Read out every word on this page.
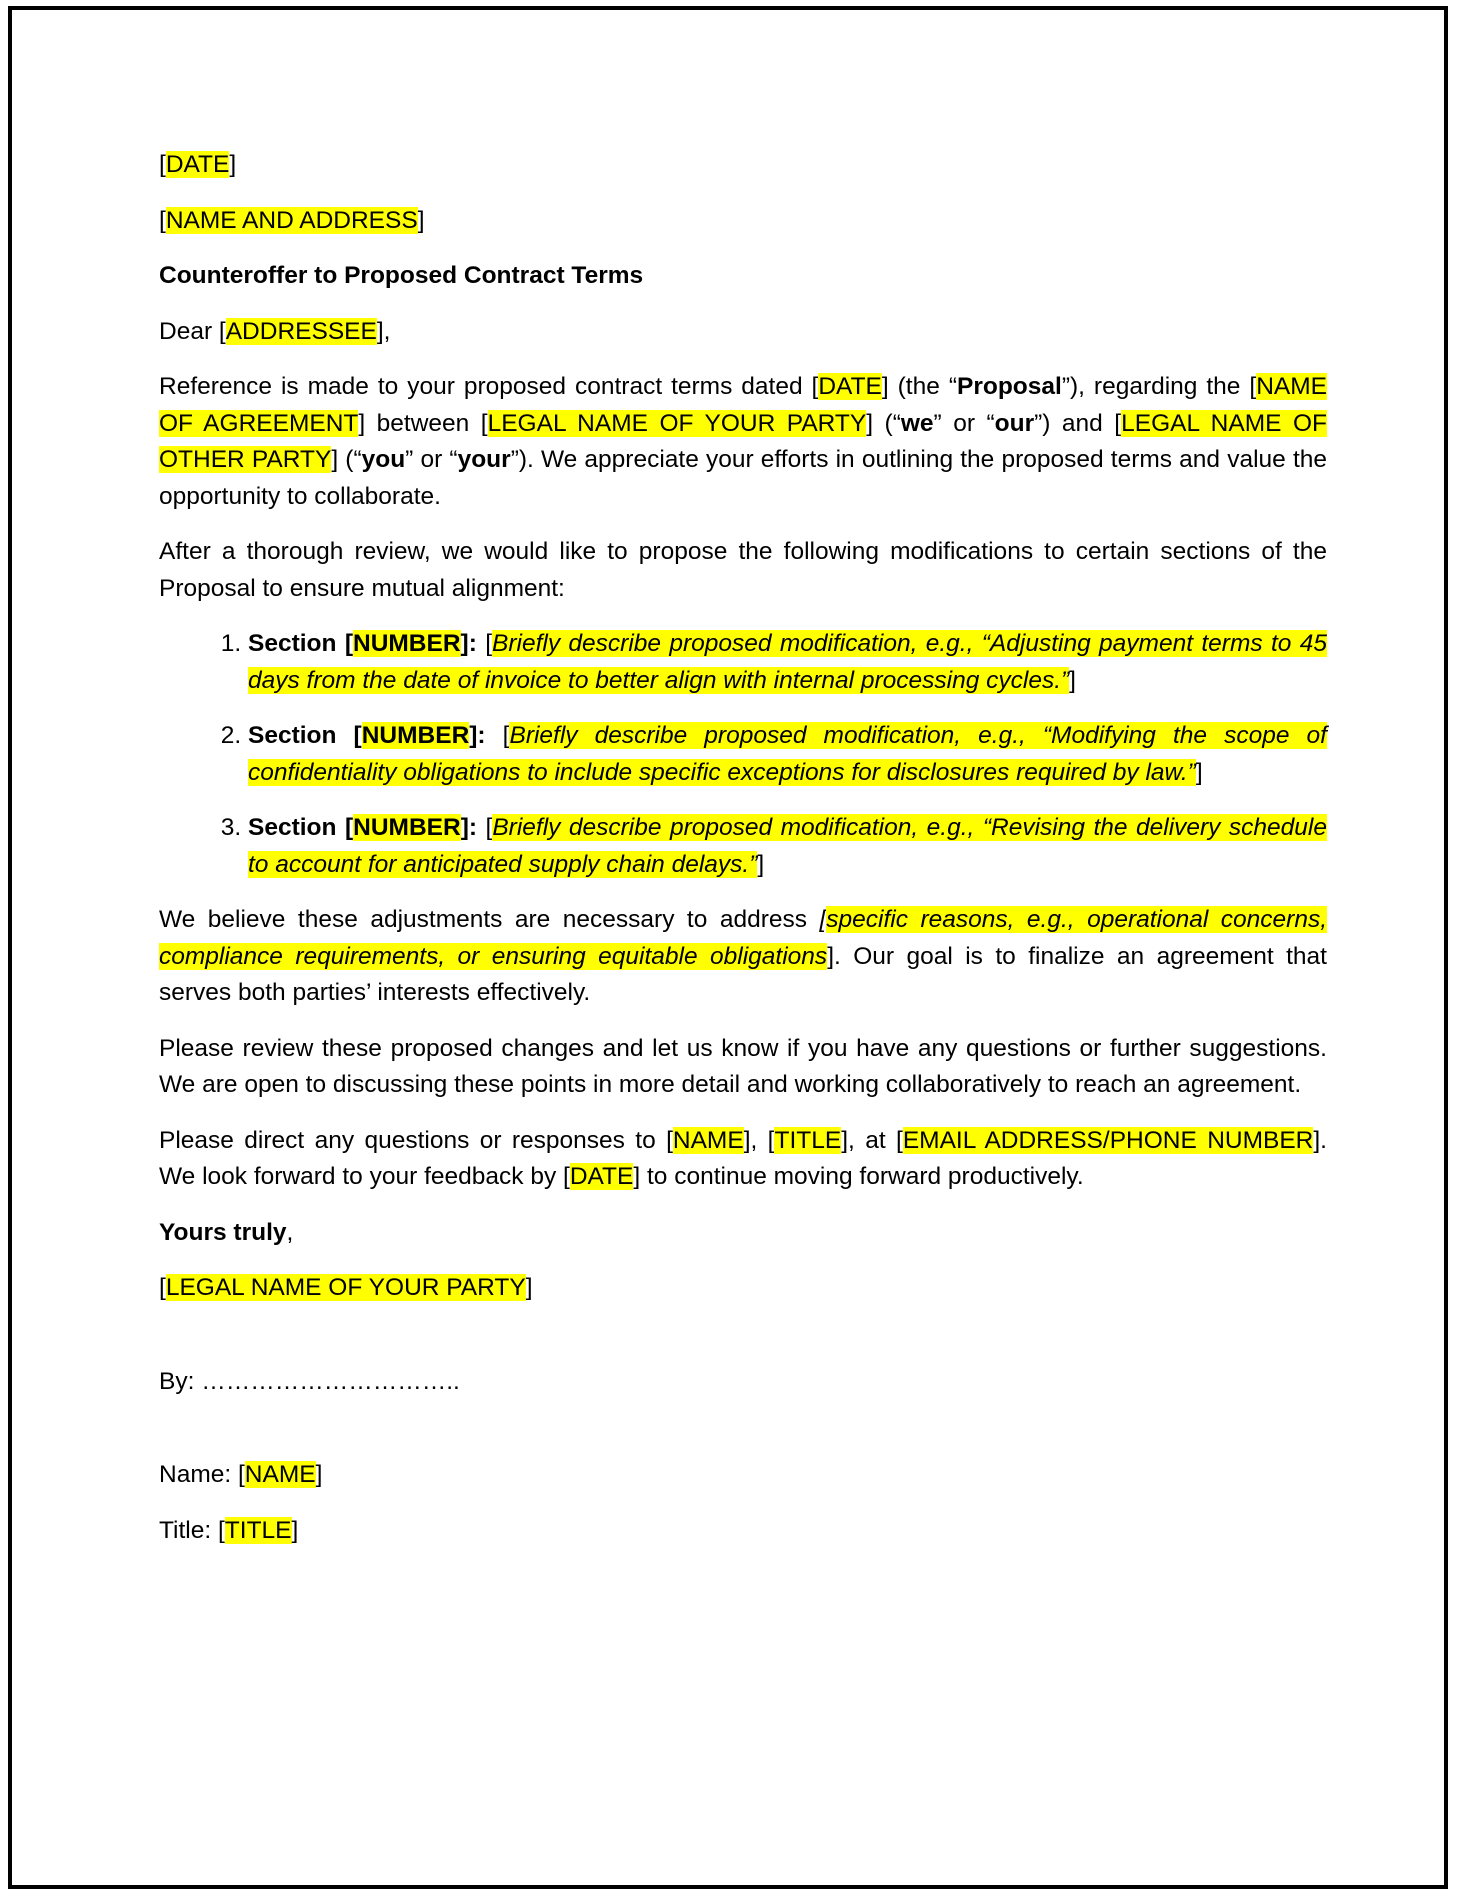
[DATE]

[NAME AND ADDRESS]

Counteroffer to Proposed Contract Terms

Dear [ADDRESSEE],

Reference is made to your proposed contract terms dated [DATE] (the “Proposal”), regarding the [NAME OF AGREEMENT] between [LEGAL NAME OF YOUR PARTY] (“we” or “our”) and [LEGAL NAME OF OTHER PARTY] (“you” or “your”). We appreciate your efforts in outlining the proposed terms and value the opportunity to collaborate.

After a thorough review, we would like to propose the following modifications to certain sections of the Proposal to ensure mutual alignment:

1. Section [NUMBER]: [Briefly describe proposed modification, e.g., “Adjusting payment terms to 45 days from the date of invoice to better align with internal processing cycles.”]
2. Section [NUMBER]: [Briefly describe proposed modification, e.g., “Modifying the scope of confidentiality obligations to include specific exceptions for disclosures required by law.”]
3. Section [NUMBER]: [Briefly describe proposed modification, e.g., “Revising the delivery schedule to account for anticipated supply chain delays.”]

We believe these adjustments are necessary to address [specific reasons, e.g., operational concerns, compliance requirements, or ensuring equitable obligations]. Our goal is to finalize an agreement that serves both parties’ interests effectively.

Please review these proposed changes and let us know if you have any questions or further suggestions. We are open to discussing these points in more detail and working collaboratively to reach an agreement.

Please direct any questions or responses to [NAME], [TITLE], at [EMAIL ADDRESS/PHONE NUMBER]. We look forward to your feedback by [DATE] to continue moving forward productively.

Yours truly,

[LEGAL NAME OF YOUR PARTY]

By: …………………………..

Name: [NAME]

Title: [TITLE]
